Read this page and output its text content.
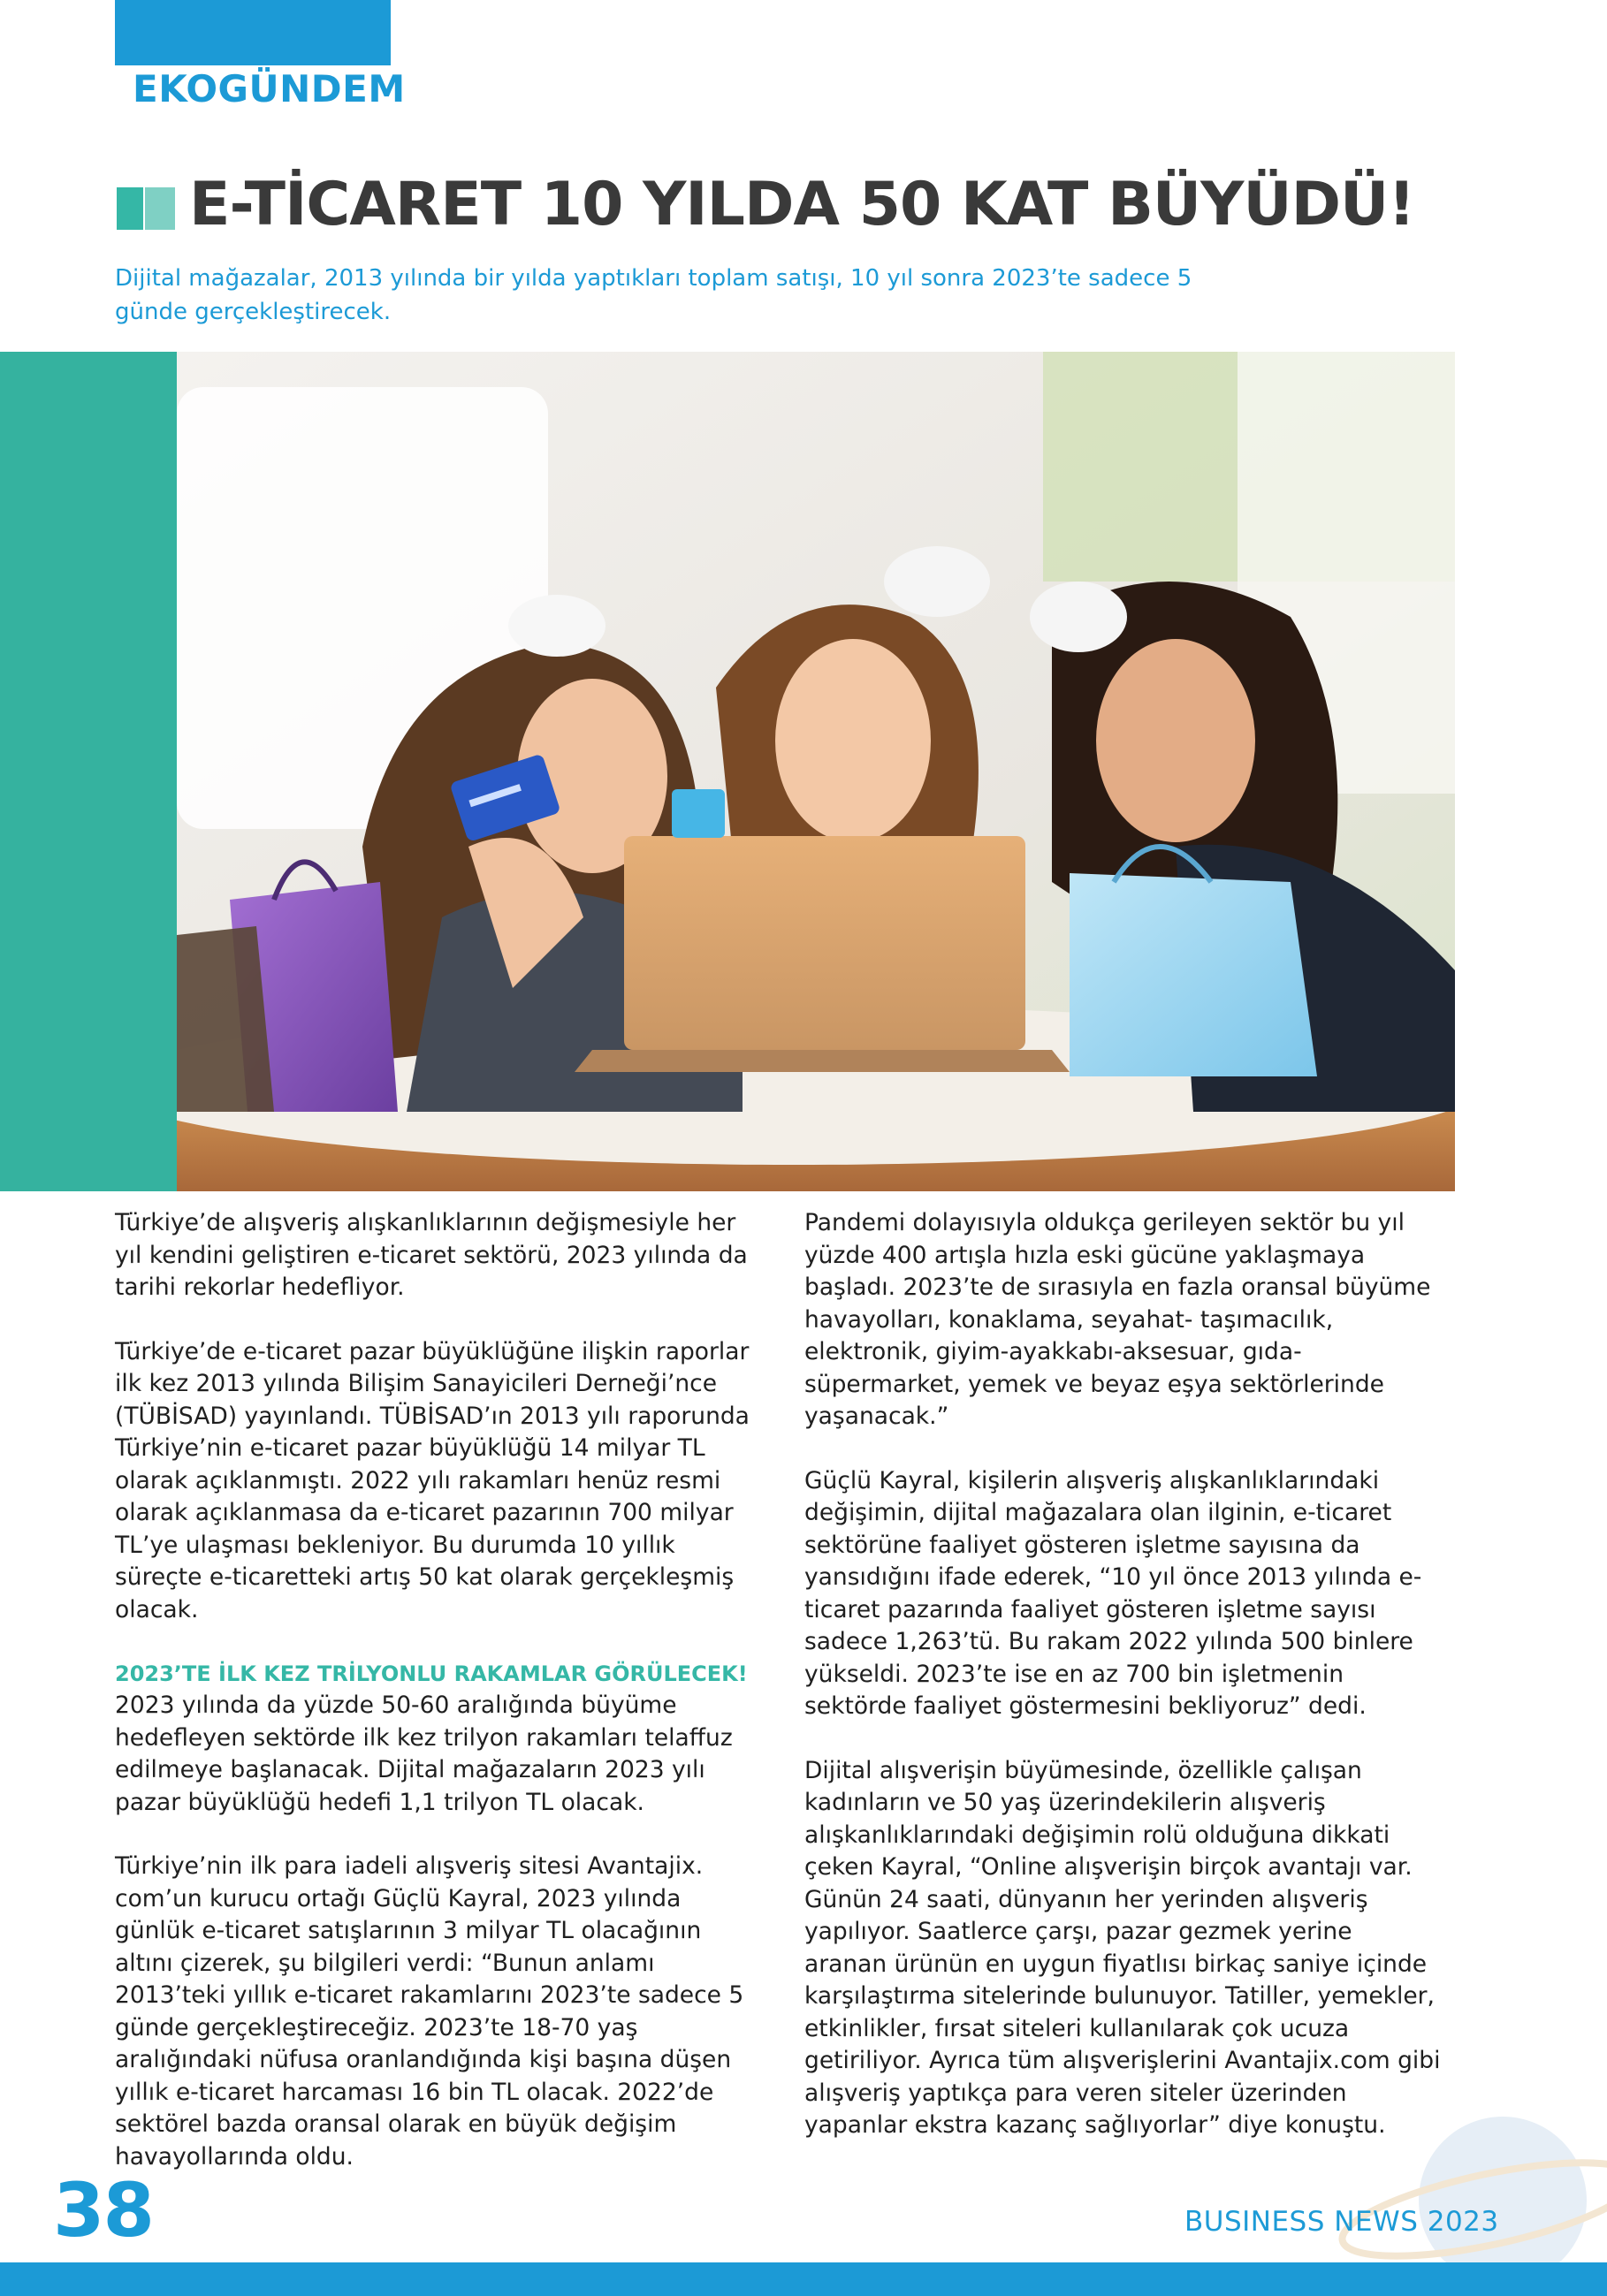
EKOGÜNDEM
E-TİCARET 10 YILDA 50 KAT BÜYÜDÜ!
Dijital mağazalar, 2013 yılında bir yılda yaptıkları toplam satışı, 10 yıl sonra 2023’te sadece 5 günde gerçekleştirecek.

Türkiye’de alışveriş alışkanlıklarının değişmesiyle her yıl kendini geliştiren e-ticaret sektörü, 2023 yılında da tarihi rekorlar hedefliyor.

Türkiye’de e-ticaret pazar büyüklüğüne ilişkin raporlar ilk kez 2013 yılında Bilişim Sanayicileri Derneği’nce (TÜBİSAD) yayınlandı. TÜBİSAD’ın 2013 yılı raporunda Türkiye’nin e-ticaret pazar büyüklüğü 14 milyar TL olarak açıklanmıştı. 2022 yılı rakamları henüz resmi olarak açıklanmasa da e-ticaret pazarının 700 milyar TL’ye ulaşması bekleniyor. Bu durumda 10 yıllık süreçte e-ticaretteki artış 50 kat olarak gerçekleşmiş olacak.

2023’TE İLK KEZ TRİLYONLU RAKAMLAR GÖRÜLECEK!

2023 yılında da yüzde 50-60 aralığında büyüme hedefleyen sektörde ilk kez trilyon rakamları telaffuz edilmeye başlanacak. Dijital mağazaların 2023 yılı pazar büyüklüğü hedefi 1,1 trilyon TL olacak.

Türkiye’nin ilk para iadeli alışveriş sitesi Avantajix. com’un kurucu ortağı Güçlü Kayral, 2023 yılında günlük e-ticaret satışlarının 3 milyar TL olacağının altını çizerek, şu bilgileri verdi: “Bunun anlamı 2013’teki yıllık e-ticaret rakamlarını 2023’te sadece 5 günde gerçekleştireceğiz. 2023’te 18-70 yaş aralığındaki nüfusa oranlandığında kişi başına düşen yıllık e-ticaret harcaması 16 bin TL olacak. 2022’de sektörel bazda oransal olarak en büyük değişim havayollarında oldu.

Pandemi dolayısıyla oldukça gerileyen sektör bu yıl yüzde 400 artışla hızla eski gücüne yaklaşmaya başladı. 2023’te de sırasıyla en fazla oransal büyüme havayolları, konaklama, seyahat- taşımacılık, elektronik, giyim-ayakkabı-aksesuar, gıda-süpermarket, yemek ve beyaz eşya sektörlerinde yaşanacak.”

Güçlü Kayral, kişilerin alışveriş alışkanlıklarındaki değişimin, dijital mağazalara olan ilginin, e-ticaret sektörüne faaliyet gösteren işletme sayısına da yansıdığını ifade ederek, “10 yıl önce 2013 yılında e-ticaret pazarında faaliyet gösteren işletme sayısı sadece 1,263’tü. Bu rakam 2022 yılında 500 binlere yükseldi. 2023’te ise en az 700 bin işletmenin sektörde faaliyet göstermesini bekliyoruz” dedi.

Dijital alışverişin büyümesinde, özellikle çalışan kadınların ve 50 yaş üzerindekilerin alışveriş alışkanlıklarındaki değişimin rolü olduğuna dikkati çeken Kayral, “Online alışverişin birçok avantajı var. Günün 24 saati, dünyanın her yerinden alışveriş yapılıyor. Saatlerce çarşı, pazar gezmek yerine aranan ürünün en uygun fiyatlısı birkaç saniye içinde karşılaştırma sitelerinde bulunuyor. Tatiller, yemekler, etkinlikler, fırsat siteleri kullanılarak çok ucuza getiriliyor. Ayrıca tüm alışverişlerini Avantajix.com gibi alışveriş yaptıkça para veren siteler üzerinden yapanlar ekstra kazanç sağlıyorlar” diye konuştu.

38	BUSINESS NEWS 2023
